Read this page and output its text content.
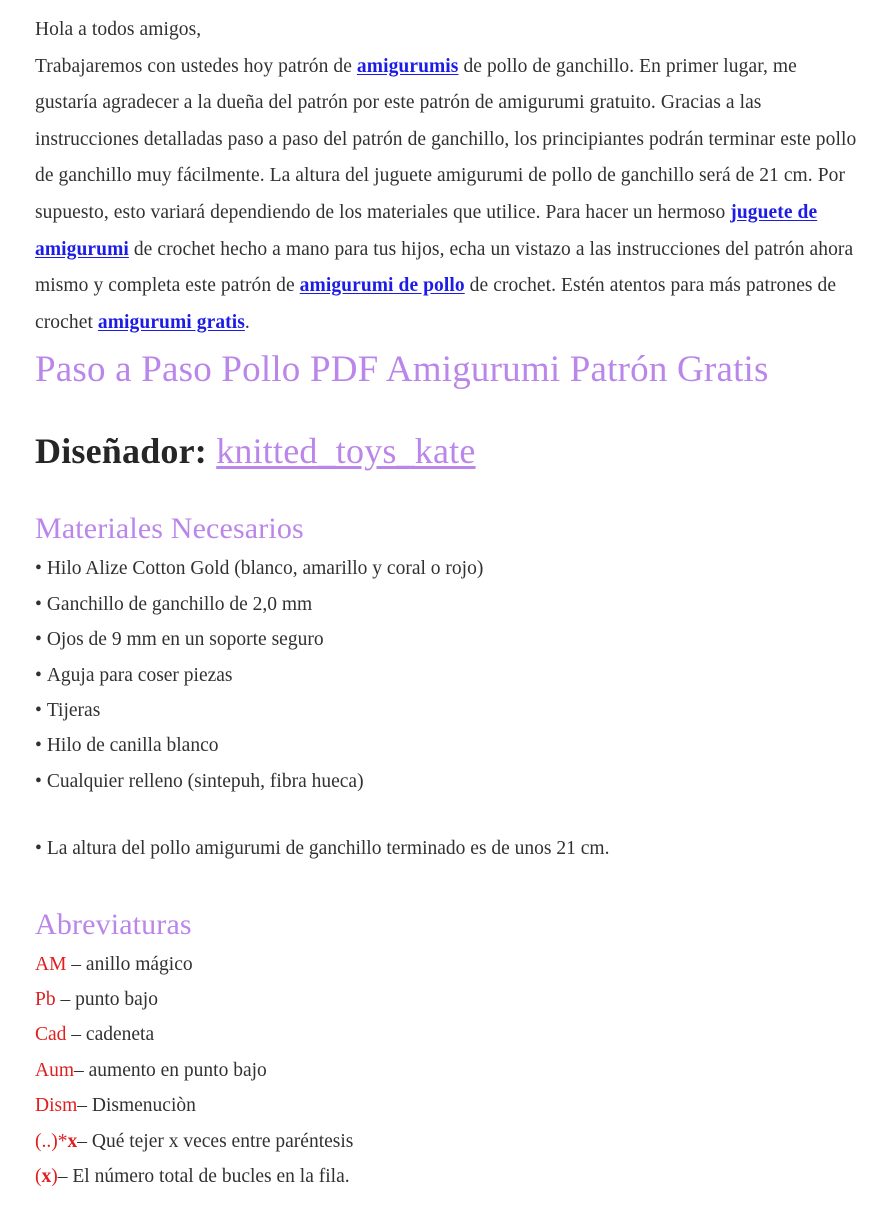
Hola a todos amigos,

Trabajaremos con ustedes hoy patrón de amigurumis de pollo de ganchillo. En primer lugar, me gustaría agradecer a la dueña del patrón por este patrón de amigurumi gratuito. Gracias a las instrucciones detalladas paso a paso del patrón de ganchillo, los principiantes podrán terminar este pollo de ganchillo muy fácilmente. La altura del juguete amigurumi de pollo de ganchillo será de 21 cm. Por supuesto, esto variará dependiendo de los materiales que utilice. Para hacer un hermoso juguete de amigurumi de crochet hecho a mano para tus hijos, echa un vistazo a las instrucciones del patrón ahora mismo y completa este patrón de amigurumi de pollo de crochet. Estén atentos para más patrones de crochet amigurumi gratis.

Paso a Paso Pollo PDF Amigurumi Patrón Gratis
Diseñador: knitted_toys_kate
Materiales Necesarios
• Hilo Alize Cotton Gold (blanco, amarillo y coral o rojo)
• Ganchillo de ganchillo de 2,0 mm
• Ojos de 9 mm en un soporte seguro
• Aguja para coser piezas
• Tijeras
• Hilo de canilla blanco
• Cualquier relleno (sintepuh, fibra hueca)
• La altura del pollo amigurumi de ganchillo terminado es de unos 21 cm.
Abreviaturas
AM – anillo mágico
Pb – punto bajo
Cad – cadeneta
Aum– aumento en punto bajo
Dism– Dismenuciòn
(..)*x– Qué tejer x veces entre paréntesis
(x)– El número total de bucles en la fila.
